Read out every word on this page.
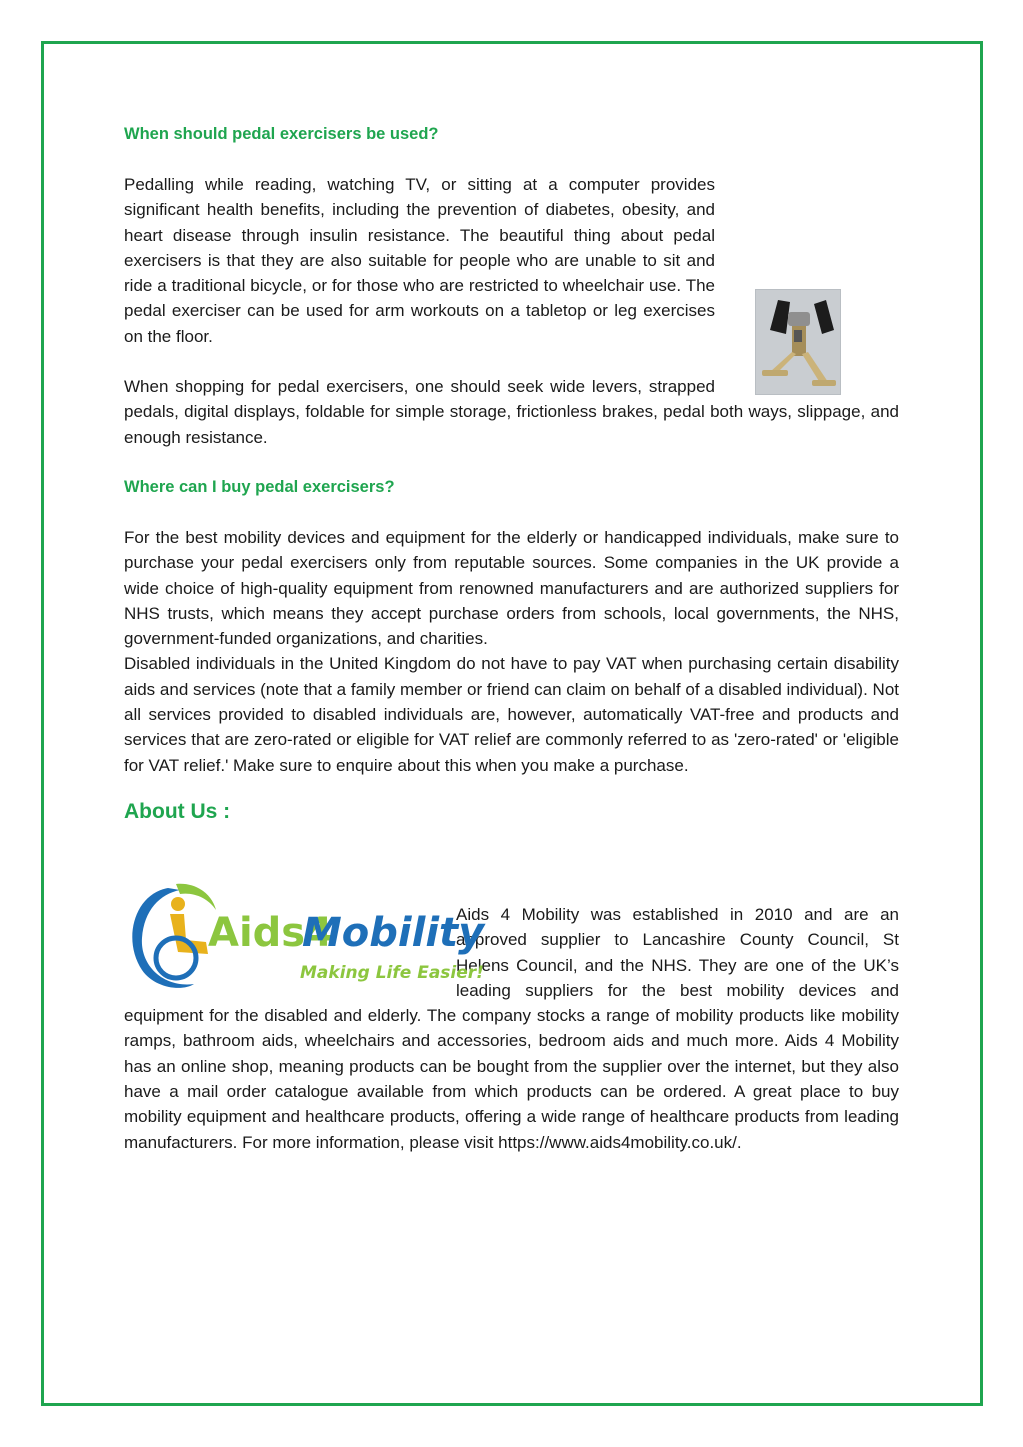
When should pedal exercisers be used?

Pedalling while reading, watching TV, or sitting at a computer provides significant health benefits, including the prevention of diabetes, obesity, and heart disease through insulin resistance. The beautiful thing about pedal exercisers is that they are also suitable for people who are unable to sit and ride a traditional bicycle, or for those who are restricted to wheelchair use. The pedal exerciser can be used for arm workouts on a tabletop or leg exercises on the floor.

When shopping for pedal exercisers, one should seek wide levers, strapped pedals, digital displays, foldable for simple storage, frictionless brakes, pedal both ways, slippage, and enough resistance.

Where can I buy pedal exercisers?

For the best mobility devices and equipment for the elderly or handicapped individuals, make sure to purchase your pedal exercisers only from reputable sources. Some companies in the UK provide a wide choice of high-quality equipment from renowned manufacturers and are authorized suppliers for NHS trusts, which means they accept purchase orders from schools, local governments, the NHS, government-funded organizations, and charities.

Disabled individuals in the United Kingdom do not have to pay VAT when purchasing certain disability aids and services (note that a family member or friend can claim on behalf of a disabled individual). Not all services provided to disabled individuals are, however, automatically VAT-free and products and services that are zero-rated or eligible for VAT relief are commonly referred to as 'zero-rated' or 'eligible for VAT relief.' Make sure to enquire about this when you make a purchase.

About Us :
Aids4
Mobility
Making Life Easier!

Aids 4 Mobility was established in 2010 and are an approved supplier to Lancashire County Council, St Helens Council, and the NHS. They are one of the UK’s leading suppliers for the best mobility devices and equipment for the disabled and elderly. The company stocks a range of mobility products like mobility ramps, bathroom aids, wheelchairs and accessories, bedroom aids and much more. Aids 4 Mobility has an online shop, meaning products can be bought from the supplier over the internet, but they also have a mail order catalogue available from which products can be ordered. A great place to buy mobility equipment and healthcare products, offering a wide range of healthcare products from leading manufacturers. For more information, please visit https://www.aids4mobility.co.uk/.
